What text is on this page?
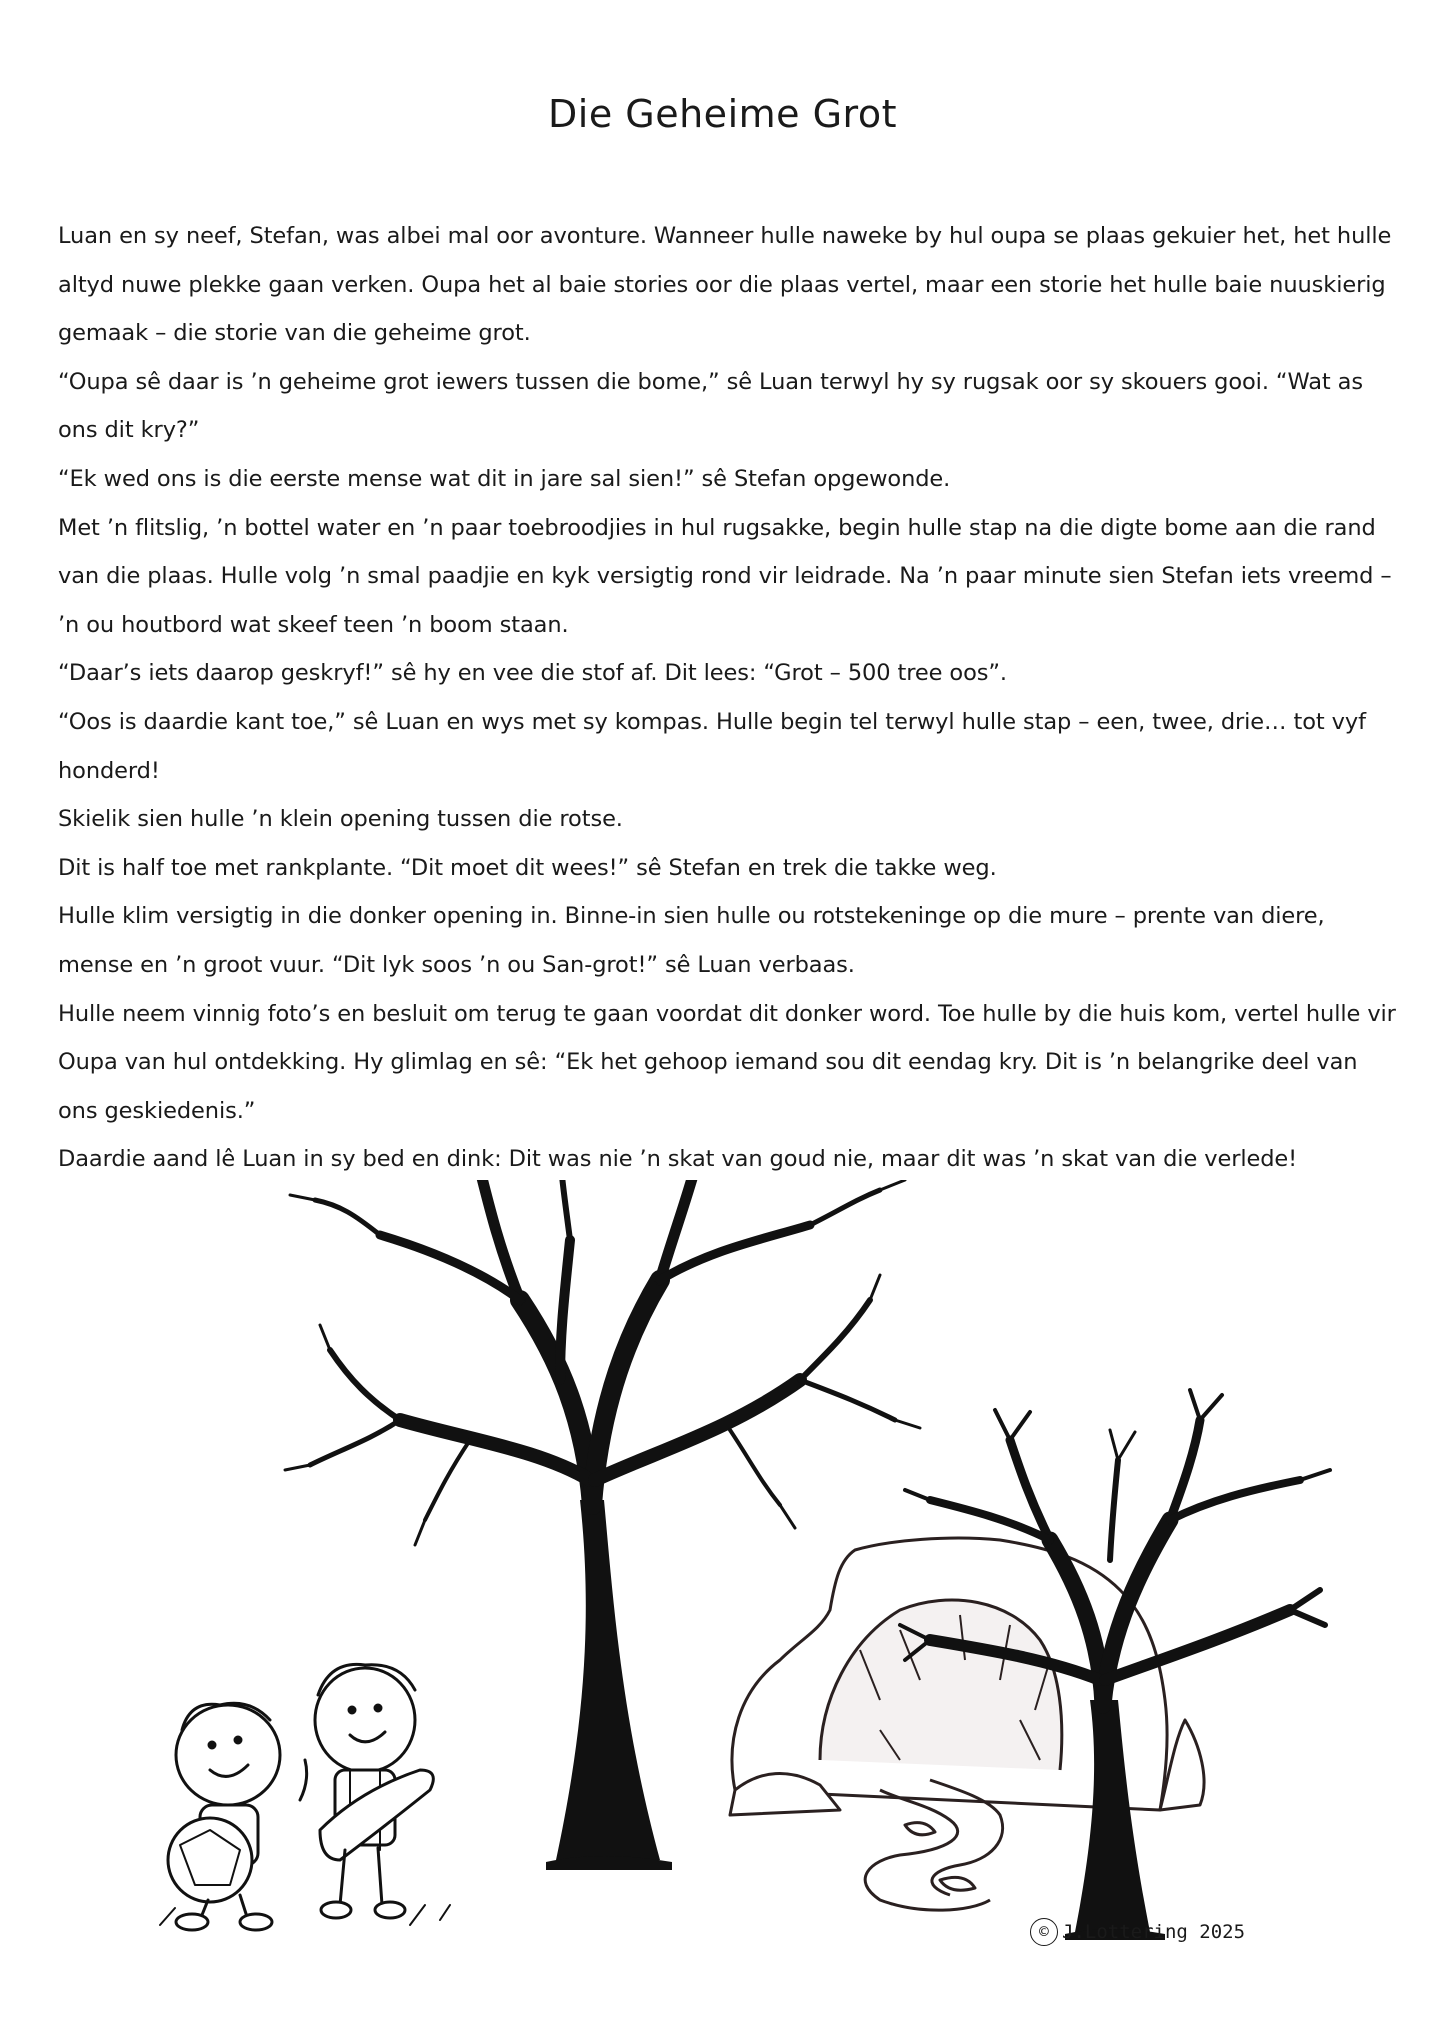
Die Geheime Grot

Luan en sy neef, Stefan, was albei mal oor avonture. Wanneer hulle naweke by hul oupa se plaas gekuier het, het hulle altyd nuwe plekke gaan verken. Oupa het al baie stories oor die plaas vertel, maar een storie het hulle baie nuuskierig gemaak – die storie van die geheime grot.

“Oupa sê daar is ’n geheime grot iewers tussen die bome,” sê Luan terwyl hy sy rugsak oor sy skouers gooi. “Wat as ons dit kry?”

“Ek wed ons is die eerste mense wat dit in jare sal sien!” sê Stefan opgewonde.

Met ’n flitslig, ’n bottel water en ’n paar toebroodjies in hul rugsakke, begin hulle stap na die digte bome aan die rand van die plaas. Hulle volg ’n smal paadjie en kyk versigtig rond vir leidrade. Na ’n paar minute sien Stefan iets vreemd – ’n ou houtbord wat skeef teen ’n boom staan.

“Daar’s iets daarop geskryf!” sê hy en vee die stof af. Dit lees: “Grot – 500 tree oos”.

“Oos is daardie kant toe,” sê Luan en wys met sy kompas. Hulle begin tel terwyl hulle stap – een, twee, drie… tot vyf honderd!

Skielik sien hulle ’n klein opening tussen die rotse.

Dit is half toe met rankplante. “Dit moet dit wees!” sê Stefan en trek die takke weg.

Hulle klim versigtig in die donker opening in. Binne-in sien hulle ou rotstekeninge op die mure – prente van diere, mense en ’n groot vuur. “Dit lyk soos ’n ou San-grot!” sê Luan verbaas.

Hulle neem vinnig foto’s en besluit om terug te gaan voordat dit donker word. Toe hulle by die huis kom, vertel hulle vir Oupa van hul ontdekking. Hy glimlag en sê: “Ek het gehoop iemand sou dit eendag kry. Dit is ’n belangrike deel van ons geskiedenis.”

Daardie aand lê Luan in sy bed en dink: Dit was nie ’n skat van goud nie, maar dit was ’n skat van die verlede!

© J.Lottering 2025
